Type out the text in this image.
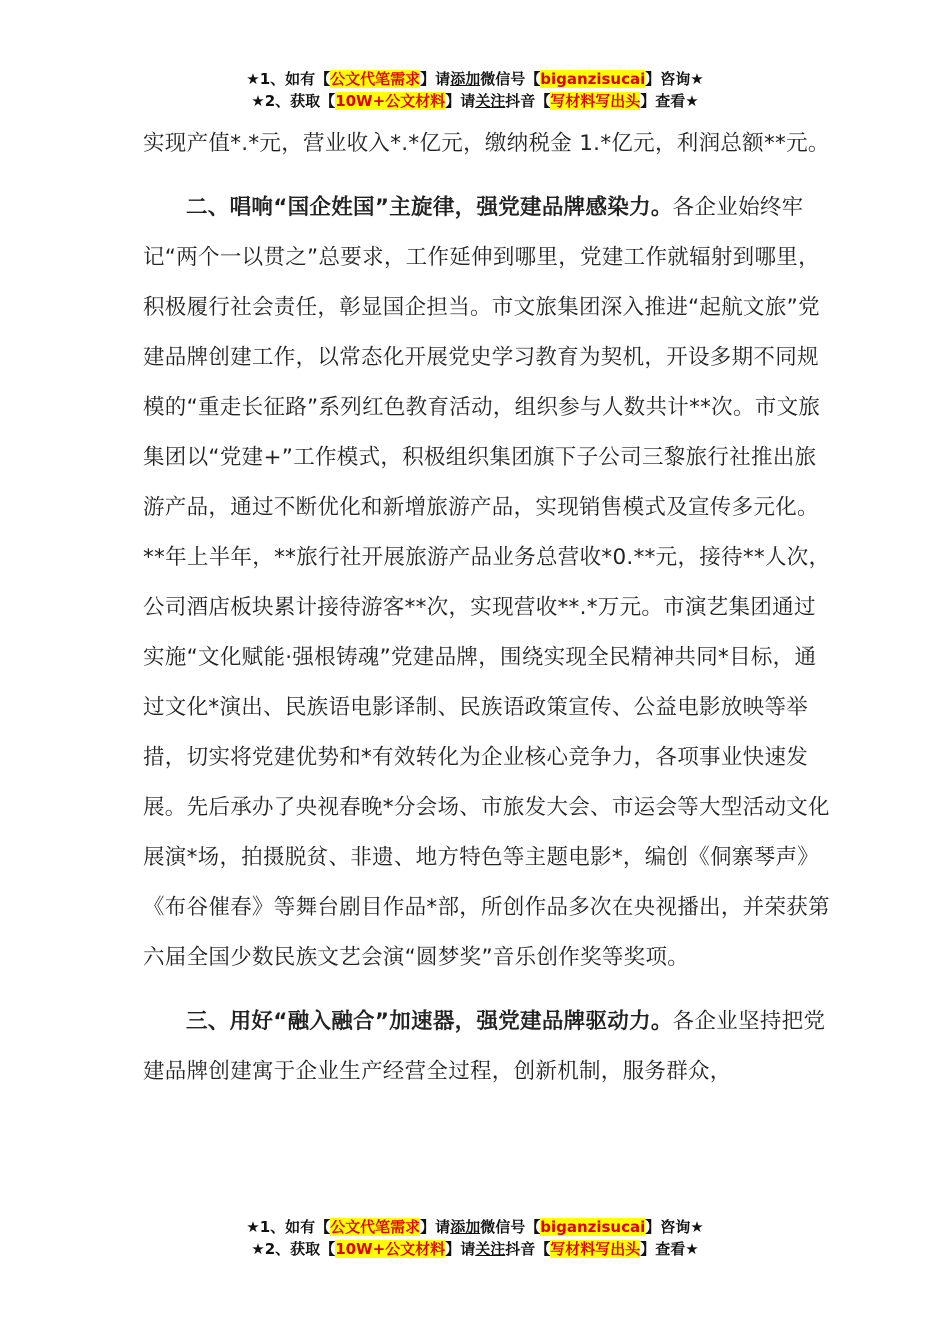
★1、如有【公文代笔需求】请添加微信号【biganzisucai】咨询★
★2、获取【10W+公文材料】请关注抖音【写材料写出头】查看★

实现产值*.*元，营业收入*.*亿元，缴纳税金 1.*亿元，利润总额**元。

二、唱响“国企姓国”主旋律，强党建品牌感染力。各企业始终牢记“两个一以贯之”总要求，工作延伸到哪里，党建工作就辐射到哪里，积极履行社会责任，彰显国企担当。市文旅集团深入推进“起航文旅”党建品牌创建工作，以常态化开展党史学习教育为契机，开设多期不同规模的“重走长征路”系列红色教育活动，组织参与人数共计**次。市文旅集团以“党建+”工作模式，积极组织集团旗下子公司三黎旅行社推出旅游产品，通过不断优化和新增旅游产品，实现销售模式及宣传多元化。**年上半年，**旅行社开展旅游产品业务总营收*0.**元，接待**人次，公司酒店板块累计接待游客**次，实现营收**.*万元。市演艺集团通过实施“文化赋能·强根铸魂”党建品牌，围绕实现全民精神共同*目标，通过文化*演出、民族语电影译制、民族语政策宣传、公益电影放映等举措，切实将党建优势和*有效转化为企业核心竞争力，各项事业快速发展。先后承办了央视春晚*分会场、市旅发大会、市运会等大型活动文化展演*场，拍摄脱贫、非遗、地方特色等主题电影*，编创《侗寨琴声》《布谷催春》等舞台剧目作品*部，所创作品多次在央视播出，并荣获第六届全国少数民族文艺会演“圆梦奖”音乐创作奖等奖项。

三、用好“融入融合”加速器，强党建品牌驱动力。各企业坚持把党建品牌创建寓于企业生产经营全过程，创新机制，服务群众，

★1、如有【公文代笔需求】请添加微信号【biganzisucai】咨询★
★2、获取【10W+公文材料】请关注抖音【写材料写出头】查看★
